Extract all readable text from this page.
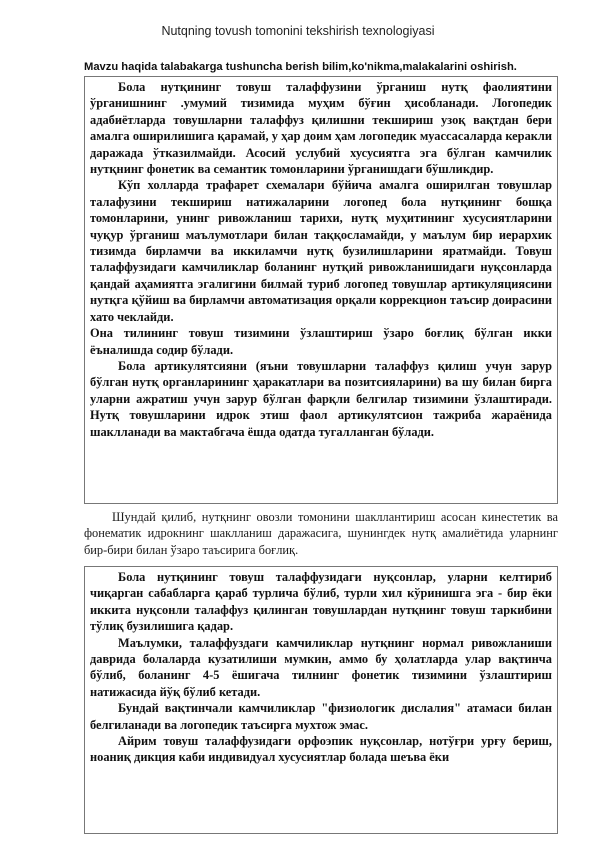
Nutqning tovush tomonini tekshirish texnologiyasi
Mavzu haqida talabakarga tushuncha berish bilim,ko'nikma,malakalarini oshirish.

Бола нутқининг товуш талаффузини ўрганиш нутқ фаолиятини ўрганишнинг .умумий тизимида муҳим бўғин ҳисобланади. Логопедик адабиётларда товушларни талаффуз қилишни текшириш узоқ вақтдан бери амалга оширилишига қарамай, у ҳар доим ҳам логопедик муассасаларда керакли даражада ўтказилмайди. Асосий услубий хусусиятга эга бўлган камчилик нутқнинг фонетик ва семантик томонларини ўрганишдаги бўшликдир.

Кўп холларда трафарет схемалари бўйича амалга оширилган товушлар талафузини текшириш натижаларини логопед бола нутқининг бошқа томонларини, унинг ривожланиш тарихи, нутқ муҳитининг хусусиятларини чуқур ўрганиш маълумотлари билан таққосламайди, у маълум бир иерархик тизимда бирламчи ва иккиламчи нутқ бузилишларини яратмайди. Товуш талаффузидаги камчиликлар боланинг нутқий ривожланишидаги нуқсонларда қандай аҳамиятга эгалигини билмай туриб логопед товушлар артикуляциясини нутқга қўйиш ва бирламчи автоматизация орқали коррекцион таъсир доирасини хато чеклайди.

Она тилининг товуш тизимини ўзлаштириш ўзаро боғлиқ бўлган икки ёъналишда содир бўлади.

Бола артикулятсияни (яъни товушларни талаффуз қилиш учун зарур бўлган нутқ органларининг ҳаракатлари ва позитсияларини) ва шу билан бирга уларни ажратиш учун зарур бўлган фарқли белгилар тизимини ўзлаштиради. Нутқ товушларини идрок этиш фаол артикулятсион тажриба жараёнида шаклланади ва мактабгача ёшда одатда тугалланган бўлади.

Шундай қилиб, нутқнинг овозли томонини шакллантириш асосан кинестетик ва фонематик идрокнинг шаклланиш даражасига, шунингдек нутқ амалиётида уларнинг бир-бири билан ўзаро таъсирига боғлиқ.

Бола нутқининг товуш талаффузидаги нуқсонлар, уларни келтириб чиқарган сабабларга қараб турлича бўлиб, турли хил кўринишга эга - бир ёки иккита нуқсонли талаффуз қилинган товушлардан нутқнинг товуш таркибини тўлиқ бузилишига қадар.

Маълумки, талаффуздаги камчиликлар нутқнинг нормал ривожланиши даврида болаларда кузатилиши мумкин, аммо бу ҳолатларда улар вақтинча бўлиб, боланинг 4-5 ёшигача тилнинг фонетик тизимини ўзлаштириш натижасида йўқ бўлиб кетади.

Бундай вақтинчали камчиликлар "физиологик дислалия" атамаси билан белгиланади ва логопедик таъсирга мухтож эмас.

Айрим товуш талаффузидаги орфоэпик нуқсонлар, нотўғри урғу бериш, ноаниқ дикция каби индивидуал хусусиятлар болада шеъва ёки
